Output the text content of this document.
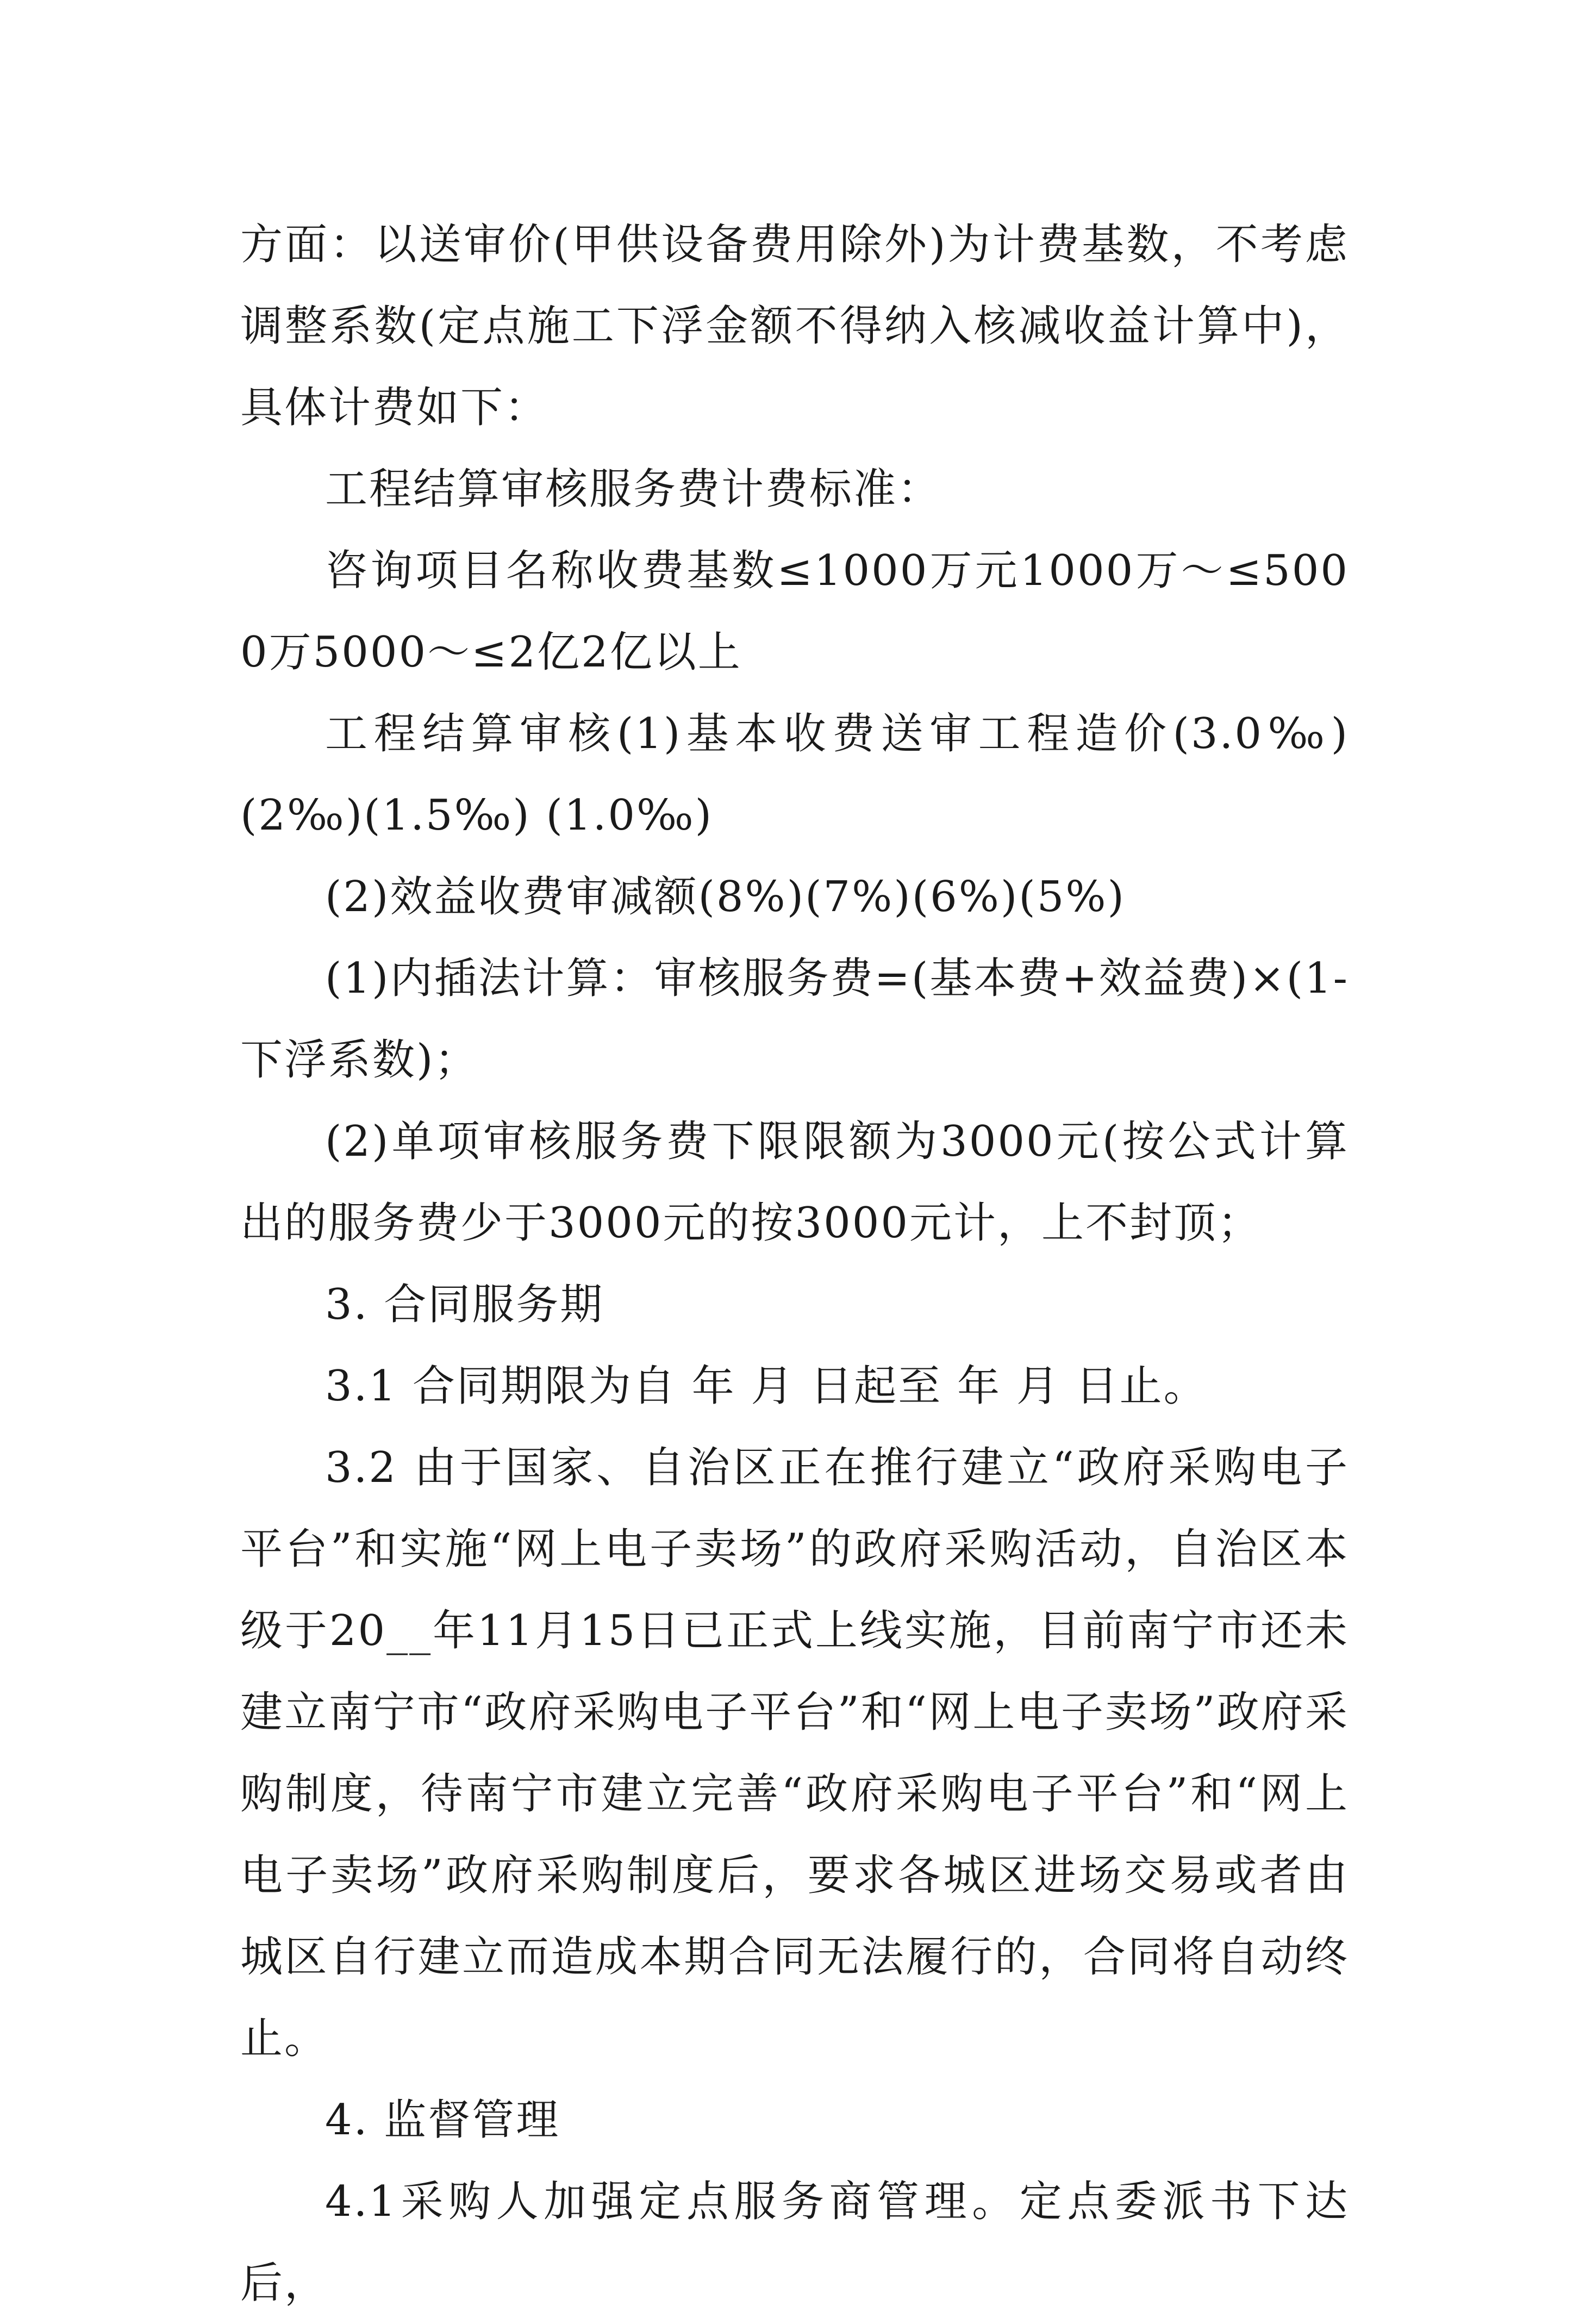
方面：以送审价(甲供设备费用除外)为计费基数，不考虑调整系数(定点施工下浮金额不得纳入核减收益计算中)，具体计费如下：

工程结算审核服务费计费标准：

咨询项目名称收费基数≤1000万元1000万～≤5000万5000～≤2亿2亿以上

工程结算审核(1)基本收费送审工程造价(3.0‰)(2‰)(1.5‰) (1.0‰)

(2)效益收费审减额(8%)(7%)(6%)(5%)

(1)内插法计算：审核服务费=(基本费+效益费)×(1-下浮系数)；

(2)单项审核服务费下限限额为3000元(按公式计算出的服务费少于3000元的按3000元计，上不封顶；

3. 合同服务期

3.1 合同期限为自 年 月 日起至 年 月 日止。

3.2 由于国家、自治区正在推行建立“政府采购电子平台”和实施“网上电子卖场”的政府采购活动，自治区本级于20__年11月15日已正式上线实施，目前南宁市还未建立南宁市“政府采购电子平台”和“网上电子卖场”政府采购制度，待南宁市建立完善“政府采购电子平台”和“网上电子卖场”政府采购制度后，要求各城区进场交易或者由城区自行建立而造成本期合同无法履行的，合同将自动终止。

4. 监督管理

4.1采购人加强定点服务商管理。定点委派书下达后，
